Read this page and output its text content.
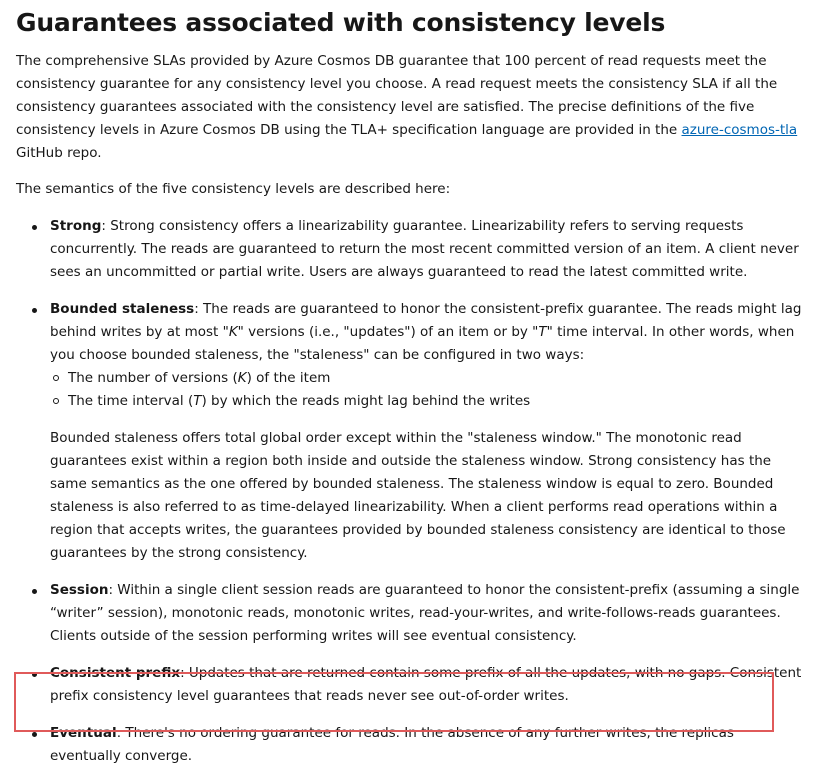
Guarantees associated with consistency levels

The comprehensive SLAs provided by Azure Cosmos DB guarantee that 100 percent of read requests meet the consistency guarantee for any consistency level you choose. A read request meets the consistency SLA if all the consistency guarantees associated with the consistency level are satisfied. The precise definitions of the five consistency levels in Azure Cosmos DB using the TLA+ specification language are provided in the azure-cosmos-tla GitHub repo.

The semantics of the five consistency levels are described here:

Strong: Strong consistency offers a linearizability guarantee. Linearizability refers to serving requests concurrently. The reads are guaranteed to return the most recent committed version of an item. A client never sees an uncommitted or partial write. Users are always guaranteed to read the latest committed write.
Bounded staleness: The reads are guaranteed to honor the consistent-prefix guarantee. The reads might lag behind writes by at most "K" versions (i.e., "updates") of an item or by "T" time interval. In other words, when you choose bounded staleness, the "staleness" can be configured in two ways:
The number of versions (K) of the item
The time interval (T) by which the reads might lag behind the writes
Bounded staleness offers total global order except within the "staleness window." The monotonic read guarantees exist within a region both inside and outside the staleness window. Strong consistency has the same semantics as the one offered by bounded staleness. The staleness window is equal to zero. Bounded staleness is also referred to as time-delayed linearizability. When a client performs read operations within a region that accepts writes, the guarantees provided by bounded staleness consistency are identical to those guarantees by the strong consistency.
Session: Within a single client session reads are guaranteed to honor the consistent-prefix (assuming a single “writer” session), monotonic reads, monotonic writes, read-your-writes, and write-follows-reads guarantees. Clients outside of the session performing writes will see eventual consistency.
Consistent prefix: Updates that are returned contain some prefix of all the updates, with no gaps. Consistent prefix consistency level guarantees that reads never see out-of-order writes.
Eventual: There's no ordering guarantee for reads. In the absence of any further writes, the replicas eventually converge.
